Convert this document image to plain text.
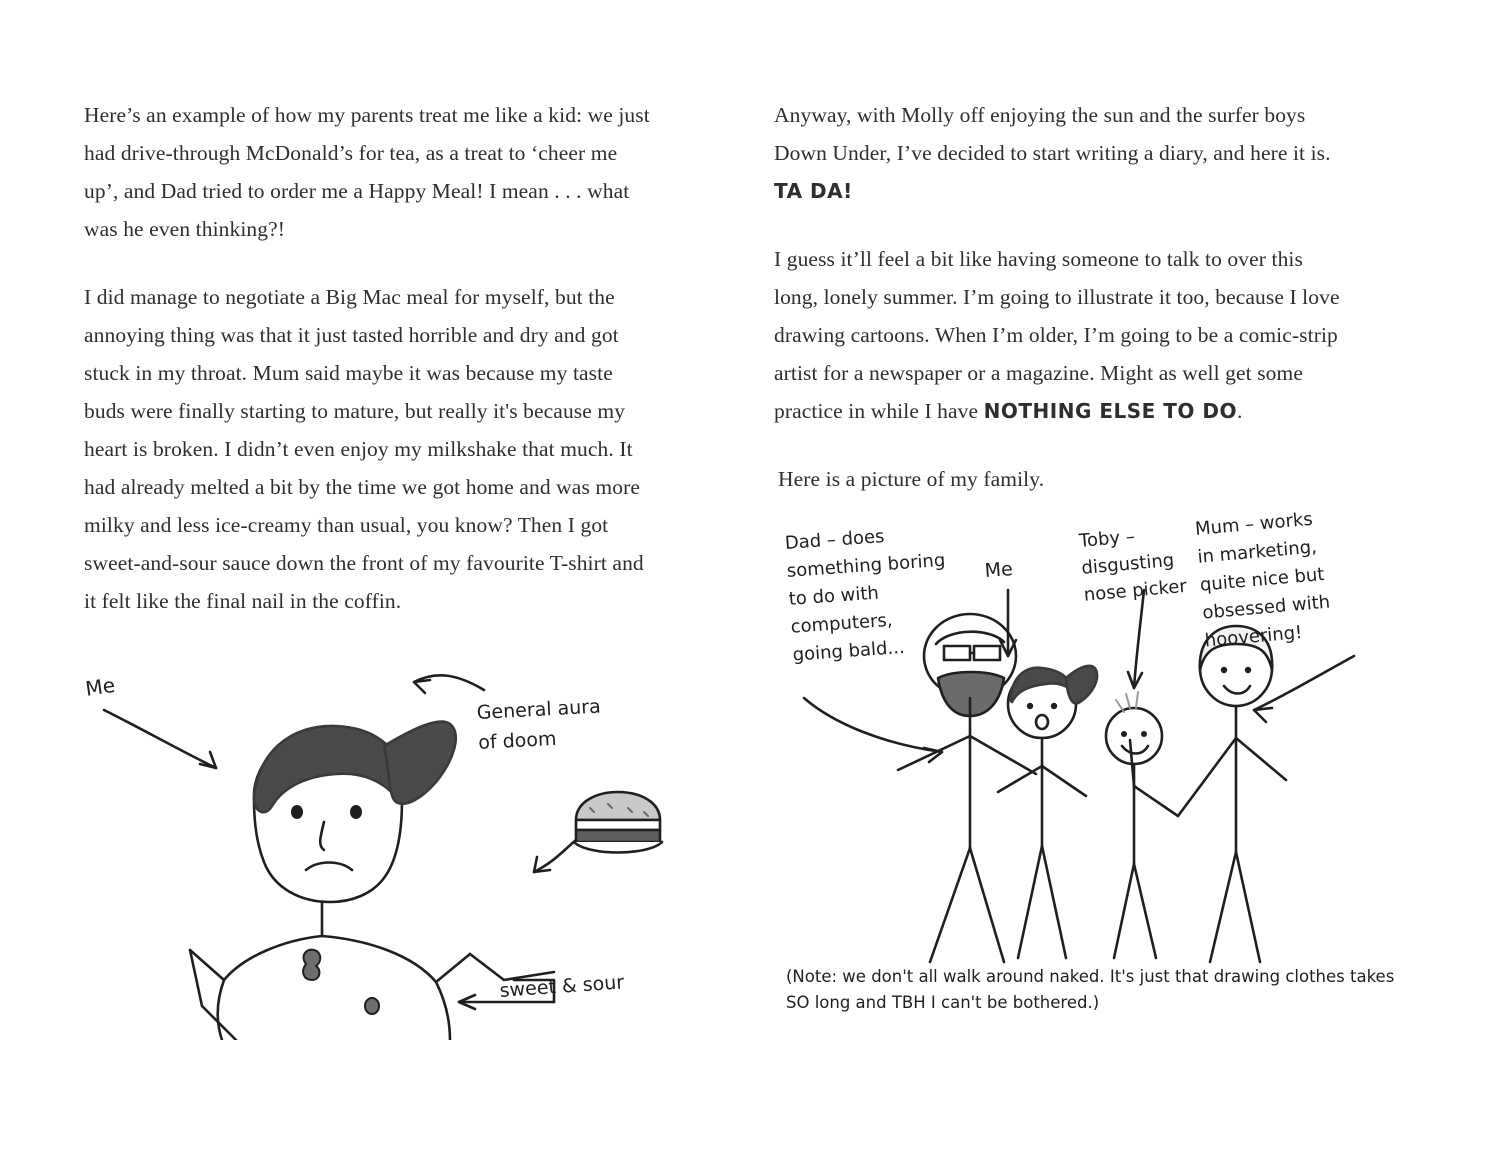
Here’s an example of how my parents treat me like a kid: we just had drive-through McDonald’s for tea, as a treat to ‘cheer me up’, and Dad tried to order me a Happy Meal! I mean . . . what was he even thinking?!

I did manage to negotiate a Big Mac meal for myself, but the annoying thing was that it just tasted horrible and dry and got stuck in my throat. Mum said maybe it was because my taste buds were finally starting to mature, but really it's because my heart is broken. I didn’t even enjoy my milkshake that much. It had already melted a bit by the time we got home and was more milky and less ice-creamy than usual, you know? Then I got sweet-and-sour sauce down the front of my favourite T-shirt and it felt like the final nail in the coffin.

Me
General aura
of doom
sweet & sour

Anyway, with Molly off enjoying the sun and the surfer boys Down Under, I’ve decided to start writing a diary, and here it is. TA DA!

I guess it’ll feel a bit like having someone to talk to over this long, lonely summer. I’m going to illustrate it too, because I love drawing cartoons. When I’m older, I’m going to be a comic-strip artist for a newspaper or a magazine. Might as well get some practice in while I have NOTHING ELSE TO DO.

Here is a picture of my family.

Dad – does
something boring
to do with
computers,
going bald...
Me
Toby –
disgusting
nose picker
Mum – works
in marketing,
quite nice but
obsessed with
hoovering!
(Note: we don't all walk around naked. It's just that drawing clothes takes SO long and TBH I can't be bothered.)
